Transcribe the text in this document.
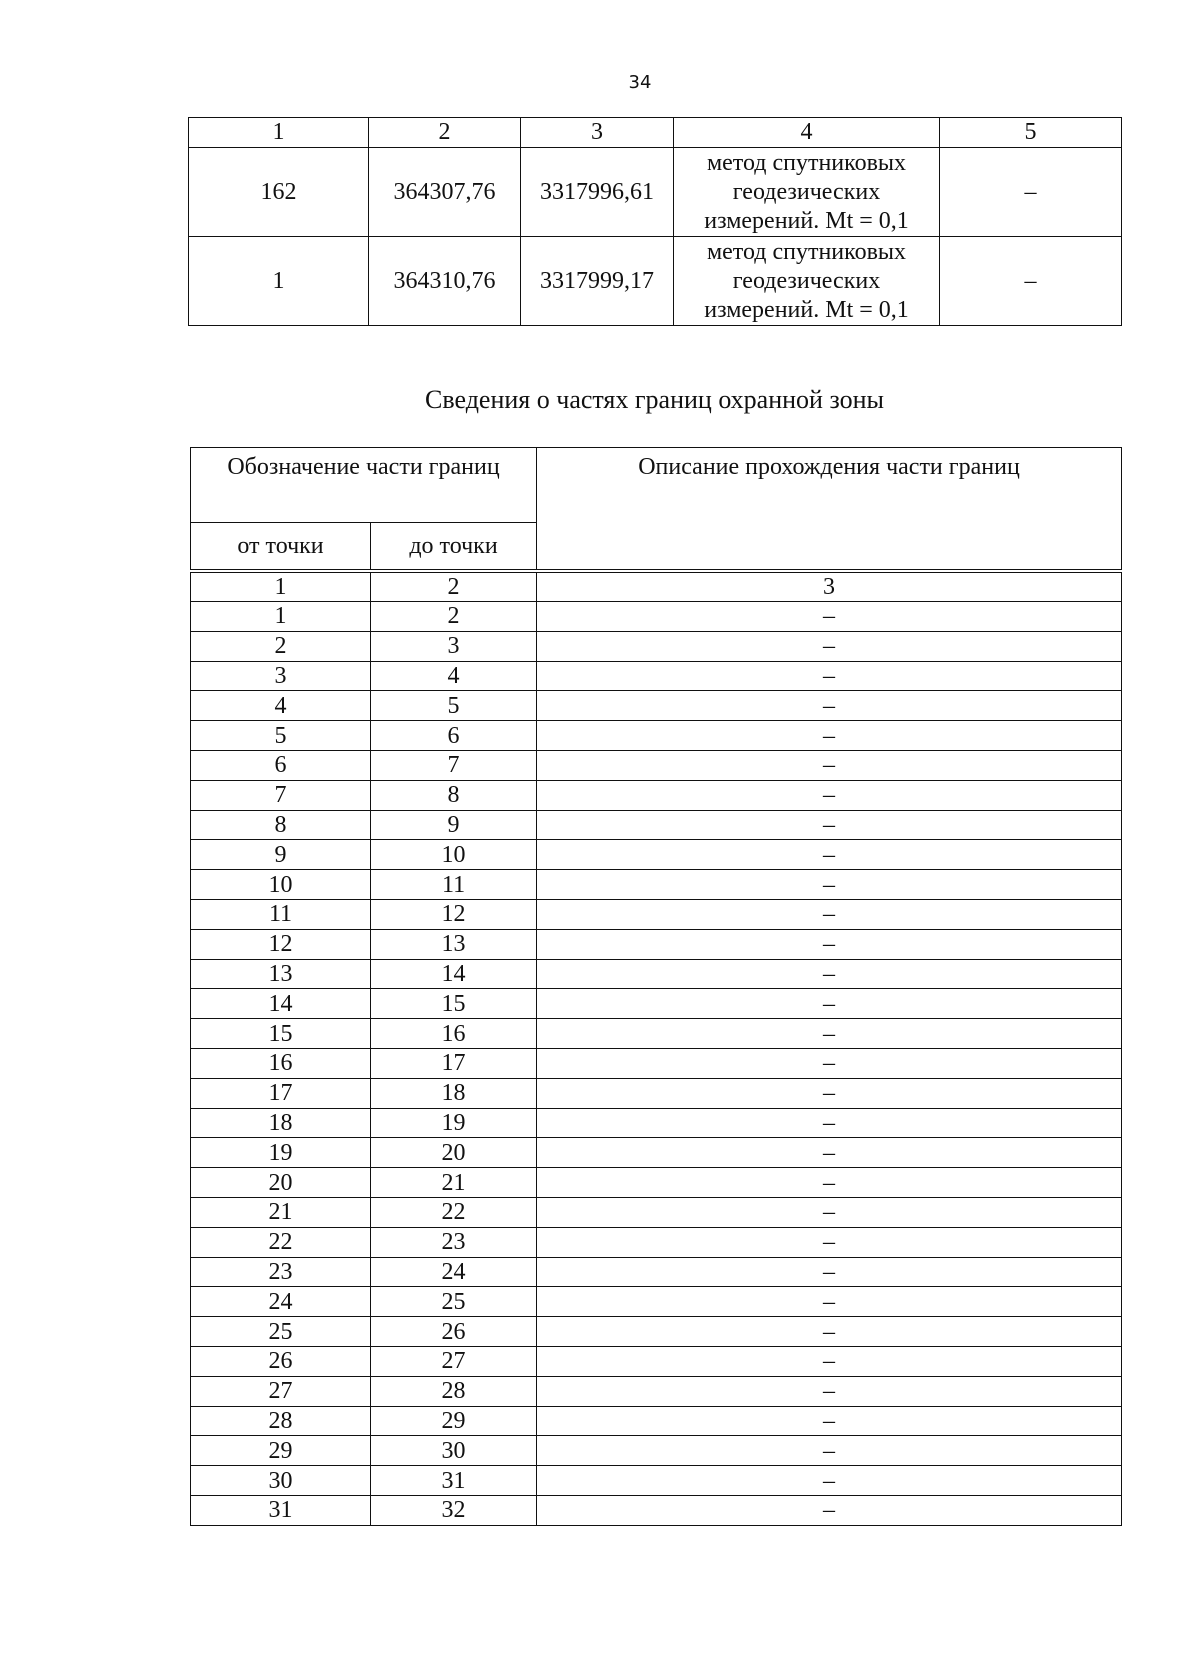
34
1	2	3	4	5
162	364307,76	3317996,61	метод спутниковых
геодезических
измерений. Mt = 0,1	–
1	364310,76	3317999,17	метод спутниковых
геодезических
измерений. Mt = 0,1	–
Сведения о частях границ охранной зоны
Обозначение части границ		Описание прохождения части границ
от точки	до точки	

1	2	3
1	2	–
2	3	–
3	4	–
4	5	–
5	6	–
6	7	–
7	8	–
8	9	–
9	10	–
10	11	–
11	12	–
12	13	–
13	14	–
14	15	–
15	16	–
16	17	–
17	18	–
18	19	–
19	20	–
20	21	–
21	22	–
22	23	–
23	24	–
24	25	–
25	26	–
26	27	–
27	28	–
28	29	–
29	30	–
30	31	–
31	32	–
